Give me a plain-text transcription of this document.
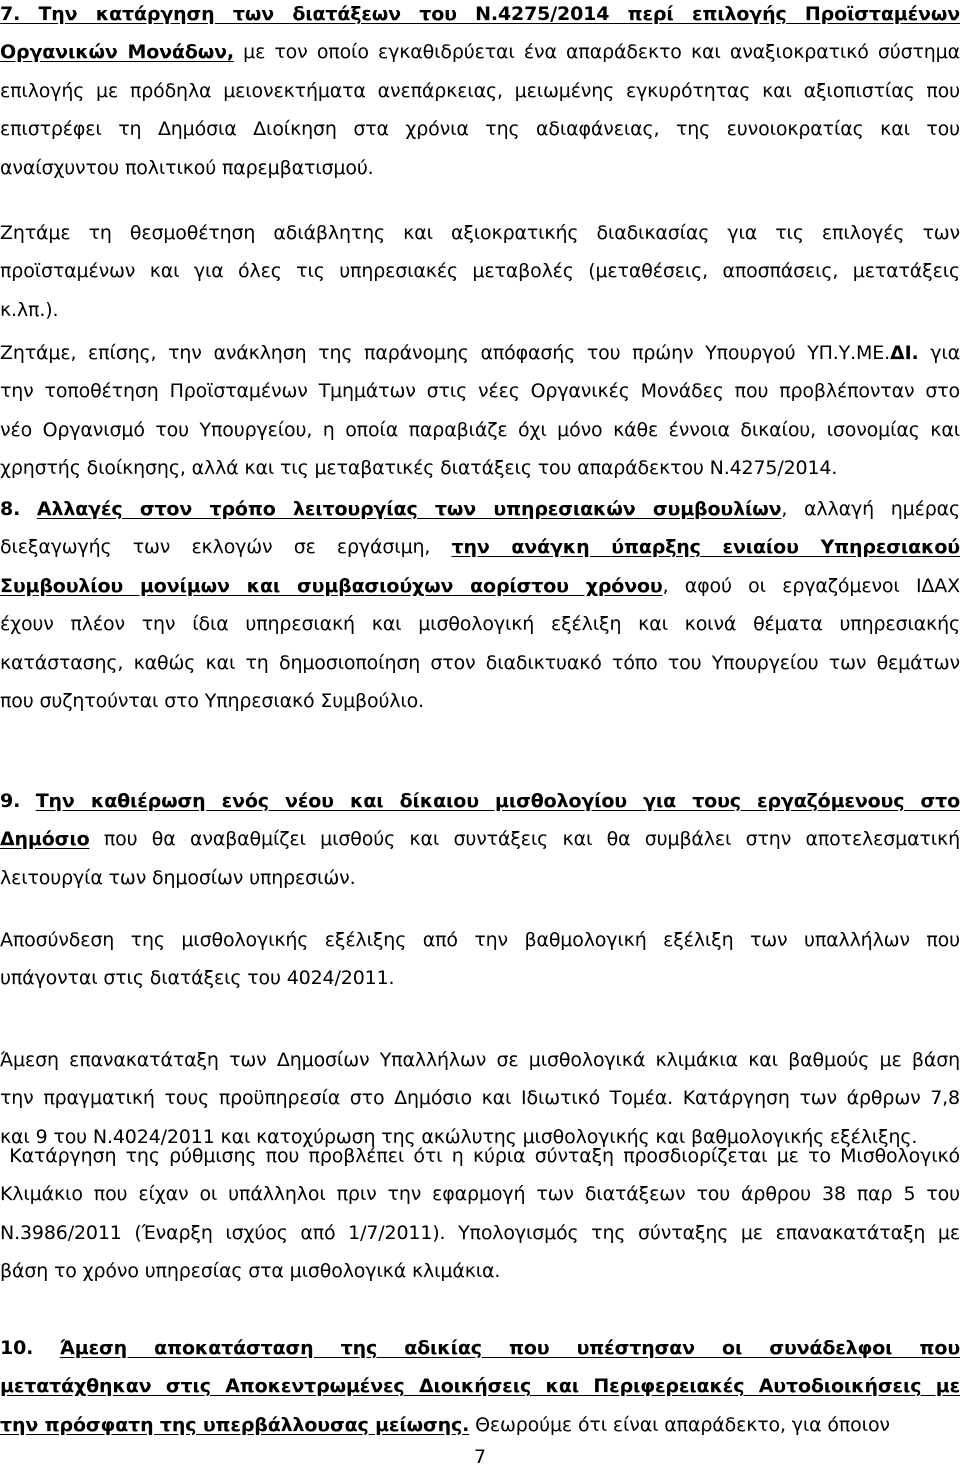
7. Την κατάργηση των διατάξεων του Ν.4275/2014 περί επιλογής Προϊσταμένων
Οργανικών Μονάδων, με τον οποίο εγκαθιδρύεται ένα απαράδεκτο και αναξιοκρατικό σύστημα
επιλογής με πρόδηλα μειονεκτήματα ανεπάρκειας, μειωμένης εγκυρότητας και αξιοπιστίας που
επιστρέφει τη Δημόσια Διοίκηση στα χρόνια της αδιαφάνειας, της ευνοιοκρατίας και του
αναίσχυντου πολιτικού παρεμβατισμού.
Ζητάμε τη θεσμοθέτηση αδιάβλητης και αξιοκρατικής διαδικασίας για τις επιλογές των
προϊσταμένων και για όλες τις υπηρεσιακές μεταβολές (μεταθέσεις, αποσπάσεις, μετατάξεις
κ.λπ.).
Ζητάμε, επίσης, την ανάκληση της παράνομης απόφασής του πρώην Υπουργού ΥΠ.Υ.ΜΕ.ΔΙ. για
την τοποθέτηση Προϊσταμένων Τμημάτων στις νέες Οργανικές Μονάδες που προβλέπονταν στο
νέο Οργανισμό του Υπουργείου, η οποία παραβιάζε όχι μόνο κάθε έννοια δικαίου, ισονομίας και
χρηστής διοίκησης, αλλά και τις μεταβατικές διατάξεις του απαράδεκτου Ν.4275/2014.
8. Αλλαγές στον τρόπο λειτουργίας των υπηρεσιακών συμβουλίων, αλλαγή ημέρας
διεξαγωγής των εκλογών σε εργάσιμη, την ανάγκη ύπαρξης ενιαίου Υπηρεσιακού
Συμβουλίου μονίμων και συμβασιούχων αορίστου χρόνου, αφού οι εργαζόμενοι ΙΔΑΧ
έχουν πλέον την ίδια υπηρεσιακή και μισθολογική εξέλιξη και κοινά θέματα υπηρεσιακής
κατάστασης, καθώς και τη δημοσιοποίηση στον διαδικτυακό τόπο του Υπουργείου των θεμάτων
που συζητούνται στο Υπηρεσιακό Συμβούλιο.
9. Την καθιέρωση ενός νέου και δίκαιου μισθολογίου για τους εργαζόμενους στο
Δημόσιο που θα αναβαθμίζει μισθούς και συντάξεις και θα συμβάλει στην αποτελεσματική
λειτουργία των δημοσίων υπηρεσιών.
Αποσύνδεση της μισθολογικής εξέλιξης από την βαθμολογική εξέλιξη των υπαλλήλων που
υπάγονται στις διατάξεις του 4024/2011.
Άμεση επανακατάταξη των Δημοσίων Υπαλλήλων σε μισθολογικά κλιμάκια και βαθμούς με βάση
την πραγματική τους προϋπηρεσία στο Δημόσιο και Ιδιωτικό Τομέα. Κατάργηση των άρθρων 7,8
και 9 του Ν.4024/2011 και κατοχύρωση της ακώλυτης μισθολογικής και βαθμολογικής εξέλιξης.
Κατάργηση της ρύθμισης που προβλέπει ότι η κύρια σύνταξη προσδιορίζεται με το Μισθολογικό
Κλιμάκιο που είχαν οι υπάλληλοι πριν την εφαρμογή των διατάξεων του άρθρου 38 παρ 5 του
Ν.3986/2011 (Έναρξη ισχύος από 1/7/2011). Υπολογισμός της σύνταξης με επανακατάταξη με
βάση το χρόνο υπηρεσίας στα μισθολογικά κλιμάκια.
10. Άμεση αποκατάσταση της αδικίας που υπέστησαν οι συνάδελφοι που
μετατάχθηκαν στις Αποκεντρωμένες Διοικήσεις και Περιφερειακές Αυτοδιοικήσεις με
την πρόσφατη της υπερβάλλουσας μείωσης. Θεωρούμε ότι είναι απαράδεκτο, για όποιον
7
